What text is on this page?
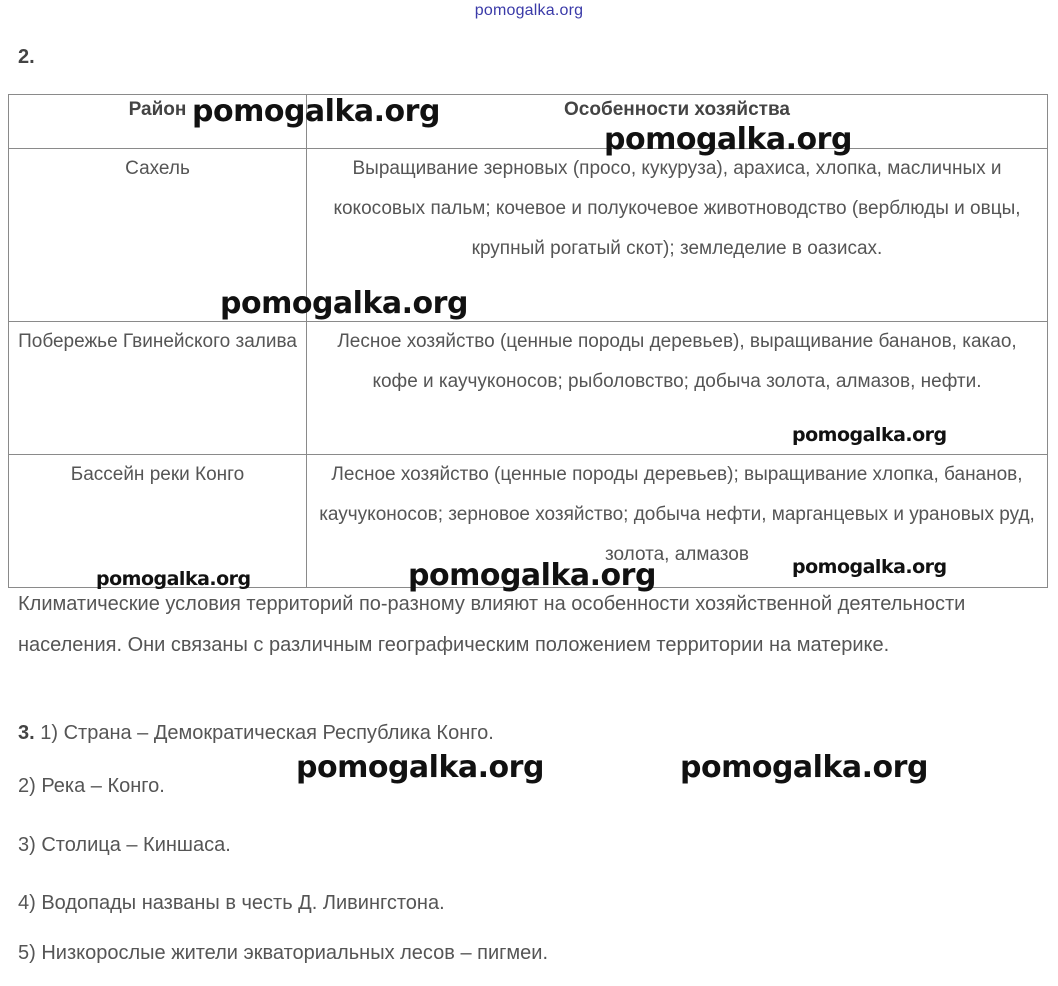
pomogalka.org
2.
Район	Особенности хозяйства
Сахель	Выращивание зерновых (просо, кукуруза), арахиса, хлопка, масличных и кокосовых пальм; кочевое и полукочевое животноводство (верблюды и овцы, крупный рогатый скот); земледелие в оазисах.
Побережье Гвинейского залива	Лесное хозяйство (ценные породы деревьев), выращивание бананов, какао, кофе и каучуконосов; рыболовство; добыча золота, алмазов, нефти.
Бассейн реки Конго	Лесное хозяйство (ценные породы деревьев); выращивание хлопка, бананов, каучуконосов; зерновое хозяйство; добыча нефти, марганцевых и урановых руд, золота, алмазов
Климатические условия территорий по-разному влияют на особенности хозяйственной деятельности населения. Они связаны с различным географическим положением территории на материке.
3. 1) Страна – Демократическая Республика Конго.
2) Река – Конго.
3) Столица – Киншаса.
4) Водопады названы в честь Д. Ливингстона.
5) Низкорослые жители экваториальных лесов – пигмеи.
pomogalka.org
pomogalka.org
pomogalka.org
pomogalka.org
pomogalka.org
pomogalka.org	pomogalka.org
pomogalka.org	pomogalka.org
